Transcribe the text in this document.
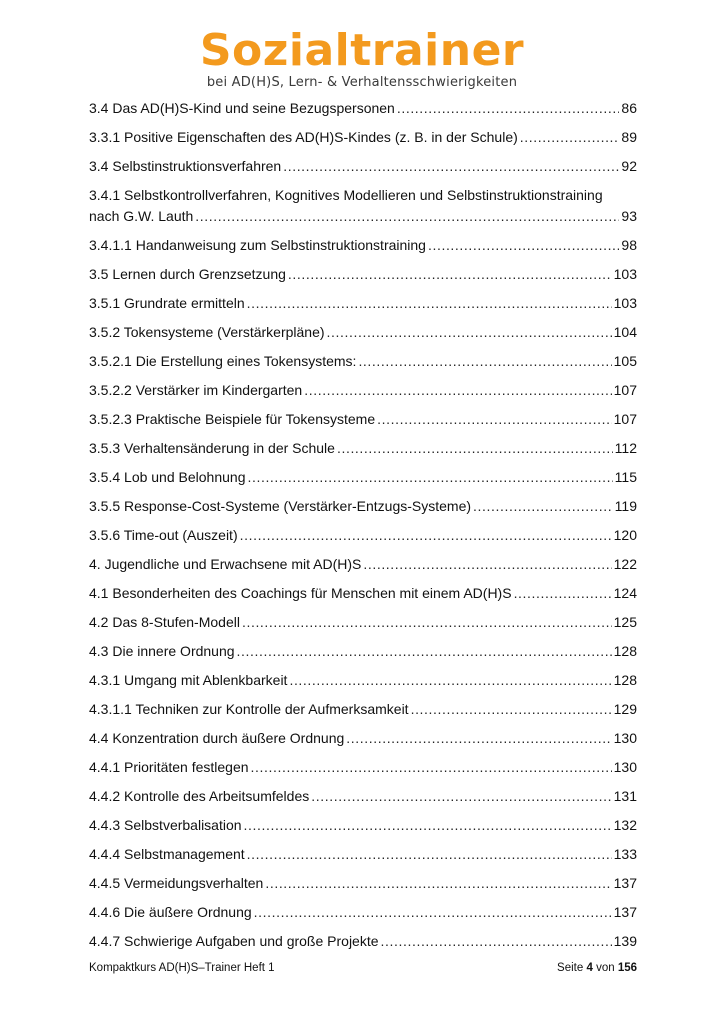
Sozialtrainer
bei AD(H)S, Lern- & Verhaltensschwierigkeiten
3.4 Das AD(H)S-Kind und seine Bezugspersonen .....	86
3.3.1 Positive Eigenschaften des AD(H)S-Kindes (z. B. in der Schule) .....	89
3.4 Selbstinstruktionsverfahren .....	92
3.4.1 Selbstkontrollverfahren, Kognitives Modellieren und Selbstinstruktionstraining
nach G.W. Lauth .....	93
3.4.1.1 Handanweisung zum Selbstinstruktionstraining .....	98
3.5 Lernen durch Grenzsetzung .....	103
3.5.1 Grundrate ermitteln .....	103
3.5.2 Tokensysteme (Verstärkerpläne) .....	104
3.5.2.1 Die Erstellung eines Tokensystems: .....	105
3.5.2.2 Verstärker im Kindergarten .....	107
3.5.2.3 Praktische Beispiele für Tokensysteme .....	107
3.5.3 Verhaltensänderung in der Schule .....	112
3.5.4 Lob und Belohnung .....	115
3.5.5 Response-Cost-Systeme (Verstärker-Entzugs-Systeme) .....	119
3.5.6 Time-out (Auszeit) .....	120
4. Jugendliche und Erwachsene mit AD(H)S .....	122
4.1 Besonderheiten des Coachings für Menschen mit einem AD(H)S .....	124
4.2 Das 8-Stufen-Modell .....	125
4.3 Die innere Ordnung .....	128
4.3.1 Umgang mit Ablenkbarkeit .....	128
4.3.1.1 Techniken zur Kontrolle der Aufmerksamkeit .....	129
4.4 Konzentration durch äußere Ordnung .....	130
4.4.1 Prioritäten festlegen .....	130
4.4.2 Kontrolle des Arbeitsumfeldes .....	131
4.4.3 Selbstverbalisation .....	132
4.4.4 Selbstmanagement .....	133
4.4.5 Vermeidungsverhalten .....	137
4.4.6 Die äußere Ordnung .....	137
4.4.7 Schwierige Aufgaben und große Projekte .....	139
Kompaktkurs AD(H)S–Trainer Heft 1	Seite 4 von 156
